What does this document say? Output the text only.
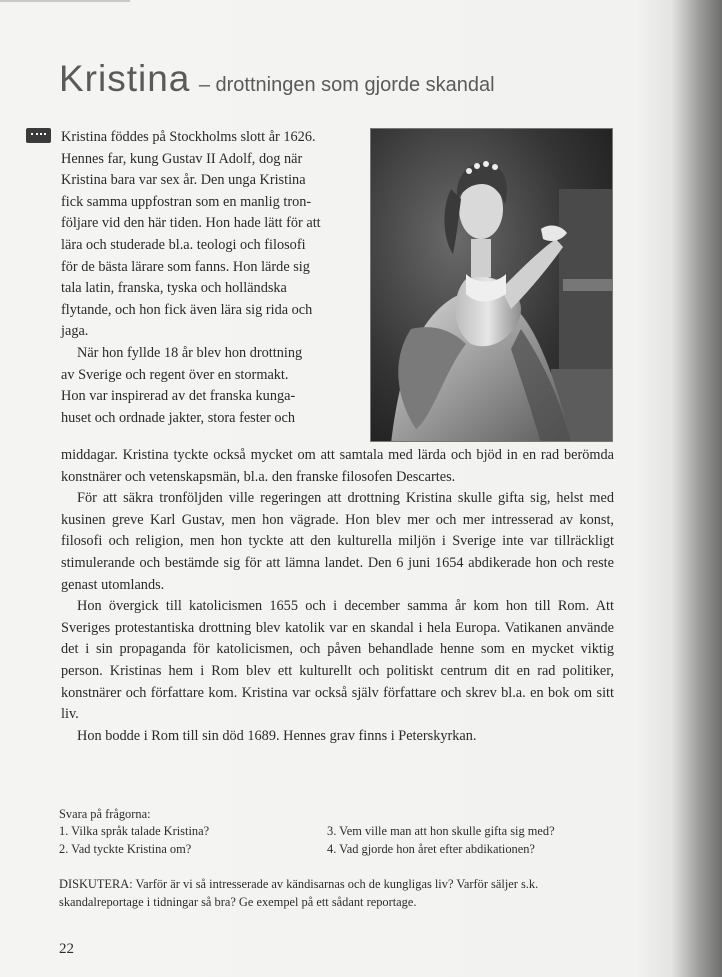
Kristina – drottningen som gjorde skandal

Kristina föddes på Stockholms slott år 1626.

Hennes far, kung Gustav II Adolf, dog när

Kristina bara var sex år. Den unga Kristina

fick samma uppfostran som en manlig tron-

följare vid den här tiden. Hon hade lätt för att

lära och studerade bl.a. teologi och filosofi

för de bästa lärare som fanns. Hon lärde sig

tala latin, franska, tyska och holländska

flytande, och hon fick även lära sig rida och

jaga.

När hon fyllde 18 år blev hon drottning

av Sverige och regent över en stormakt.

Hon var inspirerad av det franska kunga-

huset och ordnade jakter, stora fester och

middagar. Kristina tyckte också mycket om att samtala med lärda och bjöd in en rad berömda konstnärer och vetenskapsmän, bl.a. den franske filosofen Descartes.

För att säkra tronföljden ville regeringen att drottning Kristina skulle gifta sig, helst med kusinen greve Karl Gustav, men hon vägrade. Hon blev mer och mer intresserad av konst, filosofi och religion, men hon tyckte att den kulturella miljön i Sverige inte var tillräckligt stimulerande och bestämde sig för att lämna landet. Den 6 juni 1654 abdikerade hon och reste genast utomlands.

Hon övergick till katolicismen 1655 och i december samma år kom hon till Rom. Att Sveriges protestantiska drottning blev katolik var en skandal i hela Europa. Vatikanen använde det i sin propaganda för katolicismen, och påven behandlade henne som en mycket viktig person. Kristinas hem i Rom blev ett kulturellt och politiskt centrum dit en rad politiker, konstnärer och författare kom. Kristina var också själv författare och skrev bl.a. en bok om sitt liv.

Hon bodde i Rom till sin död 1689. Hennes grav finns i Peterskyrkan.

Svara på frågorna:
1. Vilka språk talade Kristina?
2. Vad tyckte Kristina om?
3. Vem ville man att hon skulle gifta sig med?
4. Vad gjorde hon året efter abdikationen?
DISKUTERA: Varför är vi så intresserade av kändisarnas och de kungligas liv? Varför säljer s.k. skandalreportage i tidningar så bra? Ge exempel på ett sådant reportage.
22
